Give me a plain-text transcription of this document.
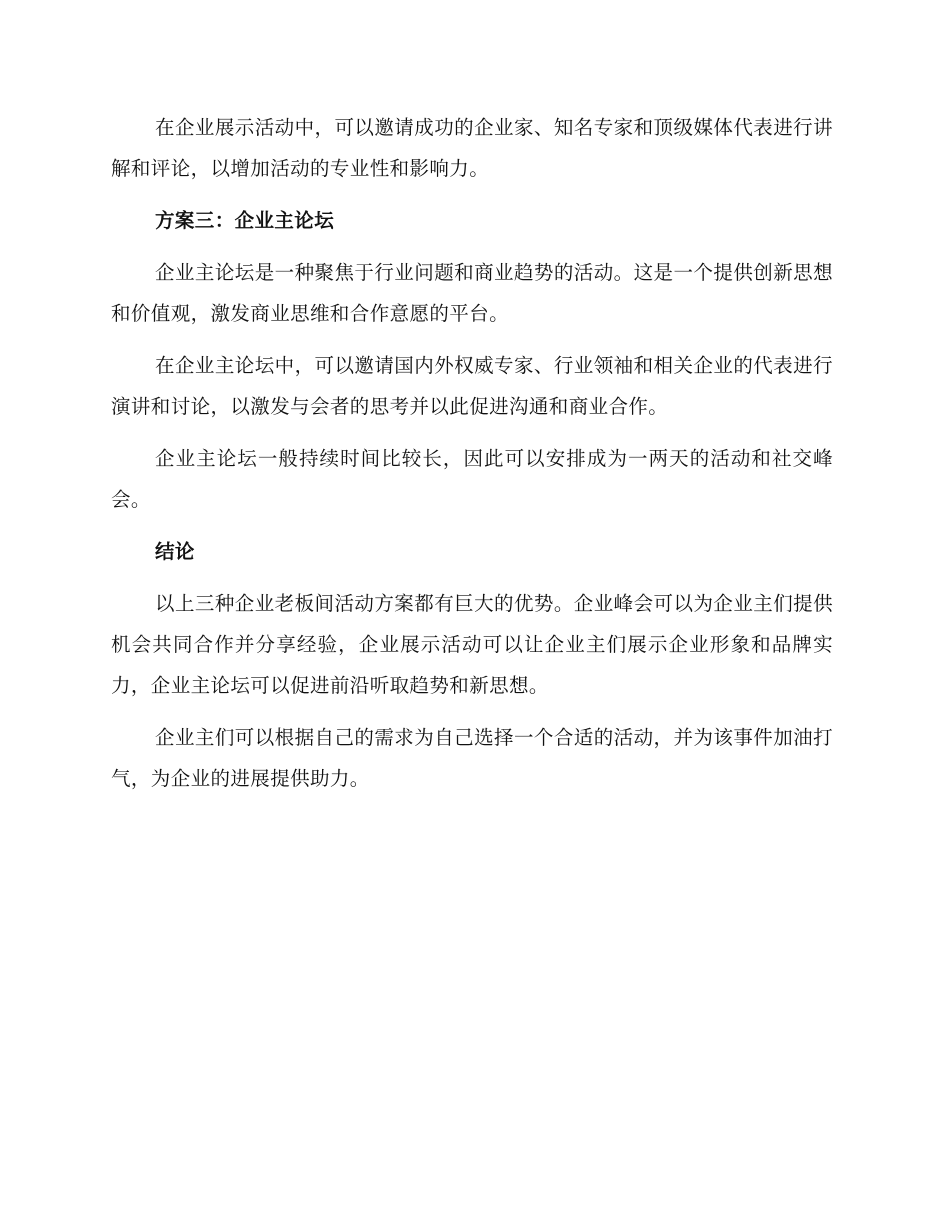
在企业展示活动中，可以邀请成功的企业家、知名专家和顶级媒体代表进行讲解和评论，以增加活动的专业性和影响力。

方案三：企业主论坛

企业主论坛是一种聚焦于行业问题和商业趋势的活动。这是一个提供创新思想和价值观，激发商业思维和合作意愿的平台。

在企业主论坛中，可以邀请国内外权威专家、行业领袖和相关企业的代表进行演讲和讨论，以激发与会者的思考并以此促进沟通和商业合作。

企业主论坛一般持续时间比较长，因此可以安排成为一两天的活动和社交峰会。

结论

以上三种企业老板间活动方案都有巨大的优势。企业峰会可以为企业主们提供机会共同合作并分享经验，企业展示活动可以让企业主们展示企业形象和品牌实力，企业主论坛可以促进前沿听取趋势和新思想。

企业主们可以根据自己的需求为自己选择一个合适的活动，并为该事件加油打气，为企业的进展提供助力。
